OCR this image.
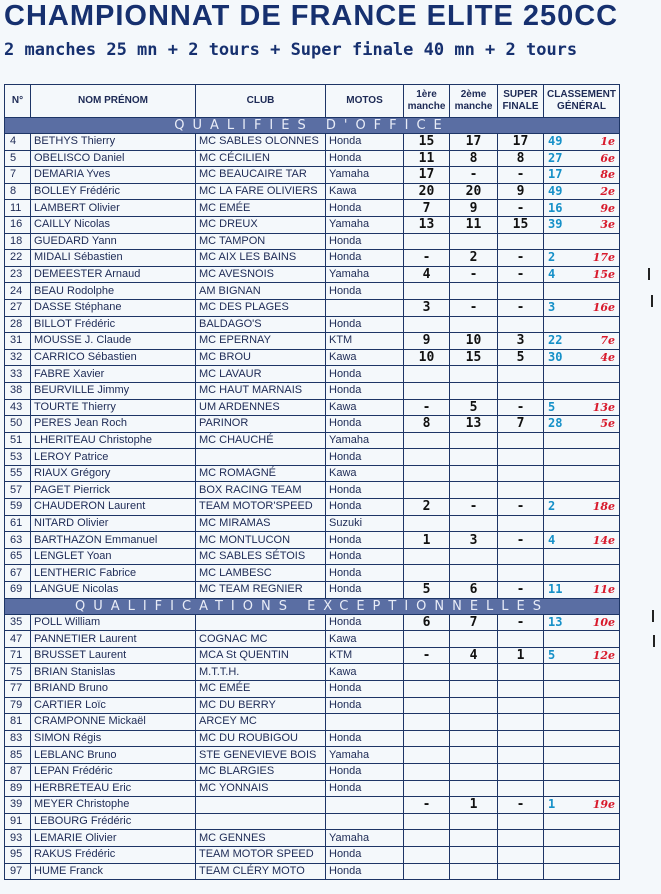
CHAMPIONNAT DE FRANCE ELITE 250CC
2 manches 25 mn + 2 tours + Super finale 40 mn + 2 tours
N°	NOM PRÉNOM	CLUB	MOTOS	1ère manche	2ème manche	SUPER FINALE	CLASSEMENT GÉNÉRAL
QUALIFIÉS D'OFFICE							
4	BETHYS Thierry	MC SABLES OLONNES	Honda	15	17	17	49 1e

5	OBELISCO Daniel	MC CÉCILIEN	Honda	11	8	8	27 6e

7	DEMARIA Yves	MC BEAUCAIRE TAR	Yamaha	17	-	-	17 8e

8	BOLLEY Frédéric	MC LA FARE OLIVIERS	Kawa	20	20	9	49 2e

11	LAMBERT Olivier	MC EMÉE	Honda	7	9	-	16 9e

16	CAILLY Nicolas	MC DREUX	Yamaha	13	11	15	39 3e

18	GUEDARD Yann	MC TAMPON	Honda				

22	MIDALI Sébastien	MC AIX LES BAINS	Honda	-	2	-	2 17e

23	DEMEESTER Arnaud	MC AVESNOIS	Yamaha	4	-	-	4 15e

24	BEAU Rodolphe	AM BIGNAN	Honda				

27	DASSE Stéphane	MC DES PLAGES		3	-	-	3 16e

28	BILLOT Frédéric	BALDAGO'S	Honda				

31	MOUSSE J. Claude	MC EPERNAY	KTM	9	10	3	22 7e

32	CARRICO Sébastien	MC BROU	Kawa	10	15	5	30 4e

33	FABRE Xavier	MC LAVAUR	Honda				

38	BEURVILLE Jimmy	MC HAUT MARNAIS	Honda				

43	TOURTE Thierry	UM ARDENNES	Kawa	-	5	-	5 13e

50	PERES Jean Roch	PARINOR	Honda	8	13	7	28 5e

51	LHERITEAU Christophe	MC CHAUCHÉ	Yamaha				

53	LEROY Patrice		Honda				

55	RIAUX Grégory	MC ROMAGNÉ	Kawa				

57	PAGET Pierrick	BOX RACING TEAM	Honda				

59	CHAUDERON Laurent	TEAM MOTOR'SPEED	Honda	2	-	-	2 18e

61	NITARD Olivier	MC MIRAMAS	Suzuki				

63	BARTHAZON Emmanuel	MC MONTLUCON	Honda	1	3	-	4 14e

65	LENGLET Yoan	MC SABLES SÉTOIS	Honda				

67	LENTHERIC Fabrice	MC LAMBESC	Honda				

69	LANGUE Nicolas	MC TEAM REGNIER	Honda	5	6	-	11 11e

QUALIFICATIONS EXCEPTIONNELLES							
35	POLL William		Honda	6	7	-	13 10e

47	PANNETIER Laurent	COGNAC MC	Kawa				

71	BRUSSET Laurent	MCA St QUENTIN	KTM	-	4	1	5 12e

75	BRIAN Stanislas	M.T.T.H.	Kawa				

77	BRIAND Bruno	MC EMÉE	Honda				

79	CARTIER Loïc	MC DU BERRY	Honda				

81	CRAMPONNE Mickaël	ARCEY MC					

83	SIMON Régis	MC DU ROUBIGOU	Honda				

85	LEBLANC Bruno	STE GENEVIEVE BOIS	Yamaha				

87	LEPAN Frédéric	MC BLARGIES	Honda				

89	HERBRETEAU Eric	MC YONNAIS	Honda				

39	MEYER Christophe			-	1	-	1 19e

91	LEBOURG Frédéric						

93	LEMARIE Olivier	MC GENNES	Yamaha				

95	RAKUS Frédéric	TEAM MOTOR SPEED	Honda				

97	HUME Franck	TEAM CLÉRY MOTO	Honda				
